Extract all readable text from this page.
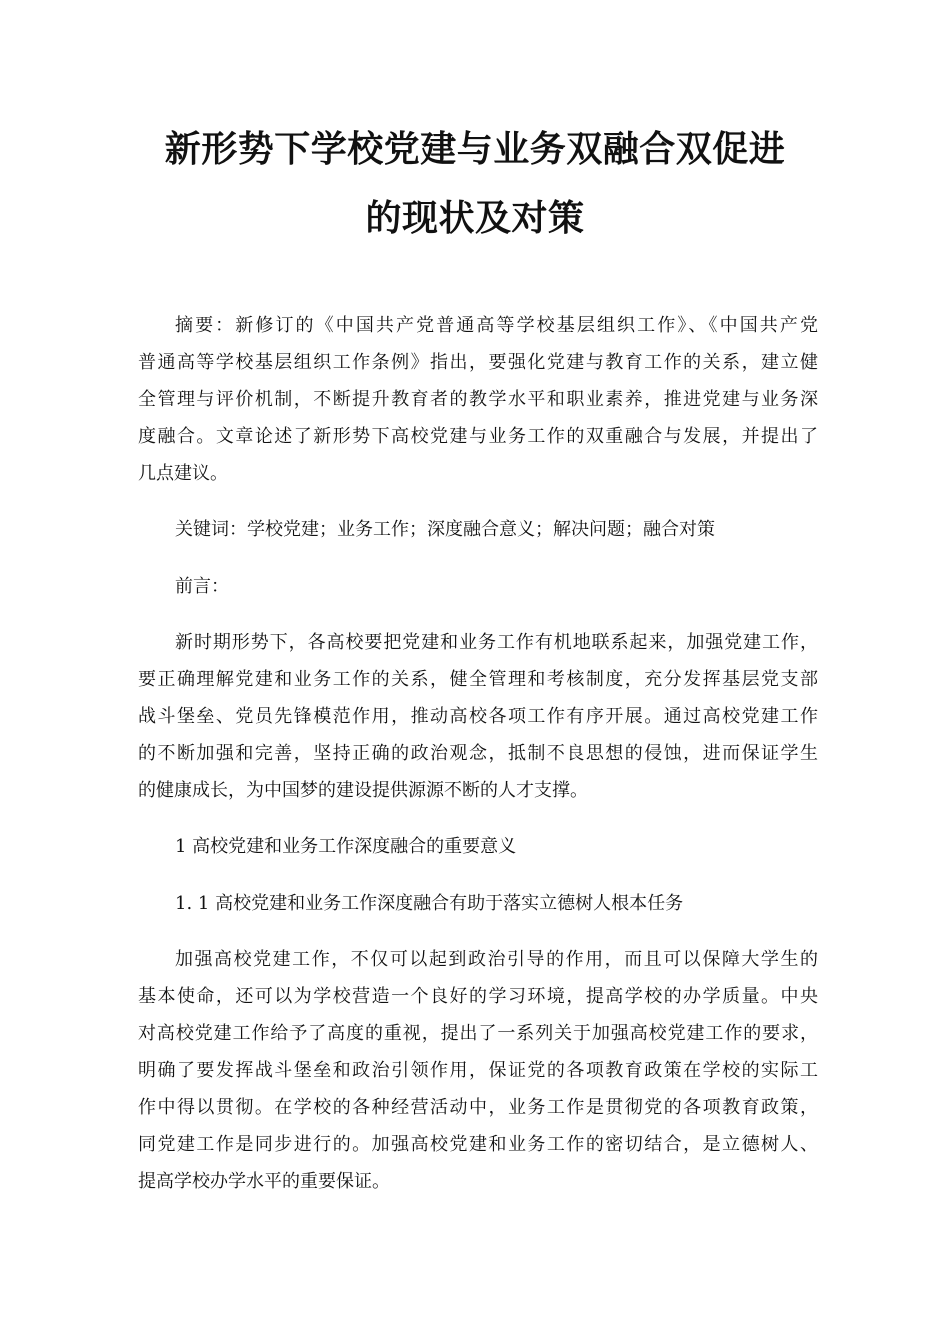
新形势下学校党建与业务双融合双促进
的现状及对策
摘要：新修订的《中国共产党普通高等学校基层组织工作》、《中国共产党
普通高等学校基层组织工作条例》指出，要强化党建与教育工作的关系，建立健
全管理与评价机制，不断提升教育者的教学水平和职业素养，推进党建与业务深
度融合。文章论述了新形势下高校党建与业务工作的双重融合与发展，并提出了
几点建议。
关键词：学校党建；业务工作；深度融合意义；解决问题；融合对策
前言：
新时期形势下，各高校要把党建和业务工作有机地联系起来，加强党建工作，
要正确理解党建和业务工作的关系，健全管理和考核制度，充分发挥基层党支部
战斗堡垒、党员先锋模范作用，推动高校各项工作有序开展。通过高校党建工作
的不断加强和完善，坚持正确的政治观念，抵制不良思想的侵蚀，进而保证学生
的健康成长，为中国梦的建设提供源源不断的人才支撑。
1 高校党建和业务工作深度融合的重要意义
1. 1 高校党建和业务工作深度融合有助于落实立德树人根本任务
加强高校党建工作，不仅可以起到政治引导的作用，而且可以保障大学生的
基本使命，还可以为学校营造一个良好的学习环境，提高学校的办学质量。中央
对高校党建工作给予了高度的重视，提出了一系列关于加强高校党建工作的要求，
明确了要发挥战斗堡垒和政治引领作用，保证党的各项教育政策在学校的实际工
作中得以贯彻。在学校的各种经营活动中，业务工作是贯彻党的各项教育政策，
同党建工作是同步进行的。加强高校党建和业务工作的密切结合，是立德树人、
提高学校办学水平的重要保证。
